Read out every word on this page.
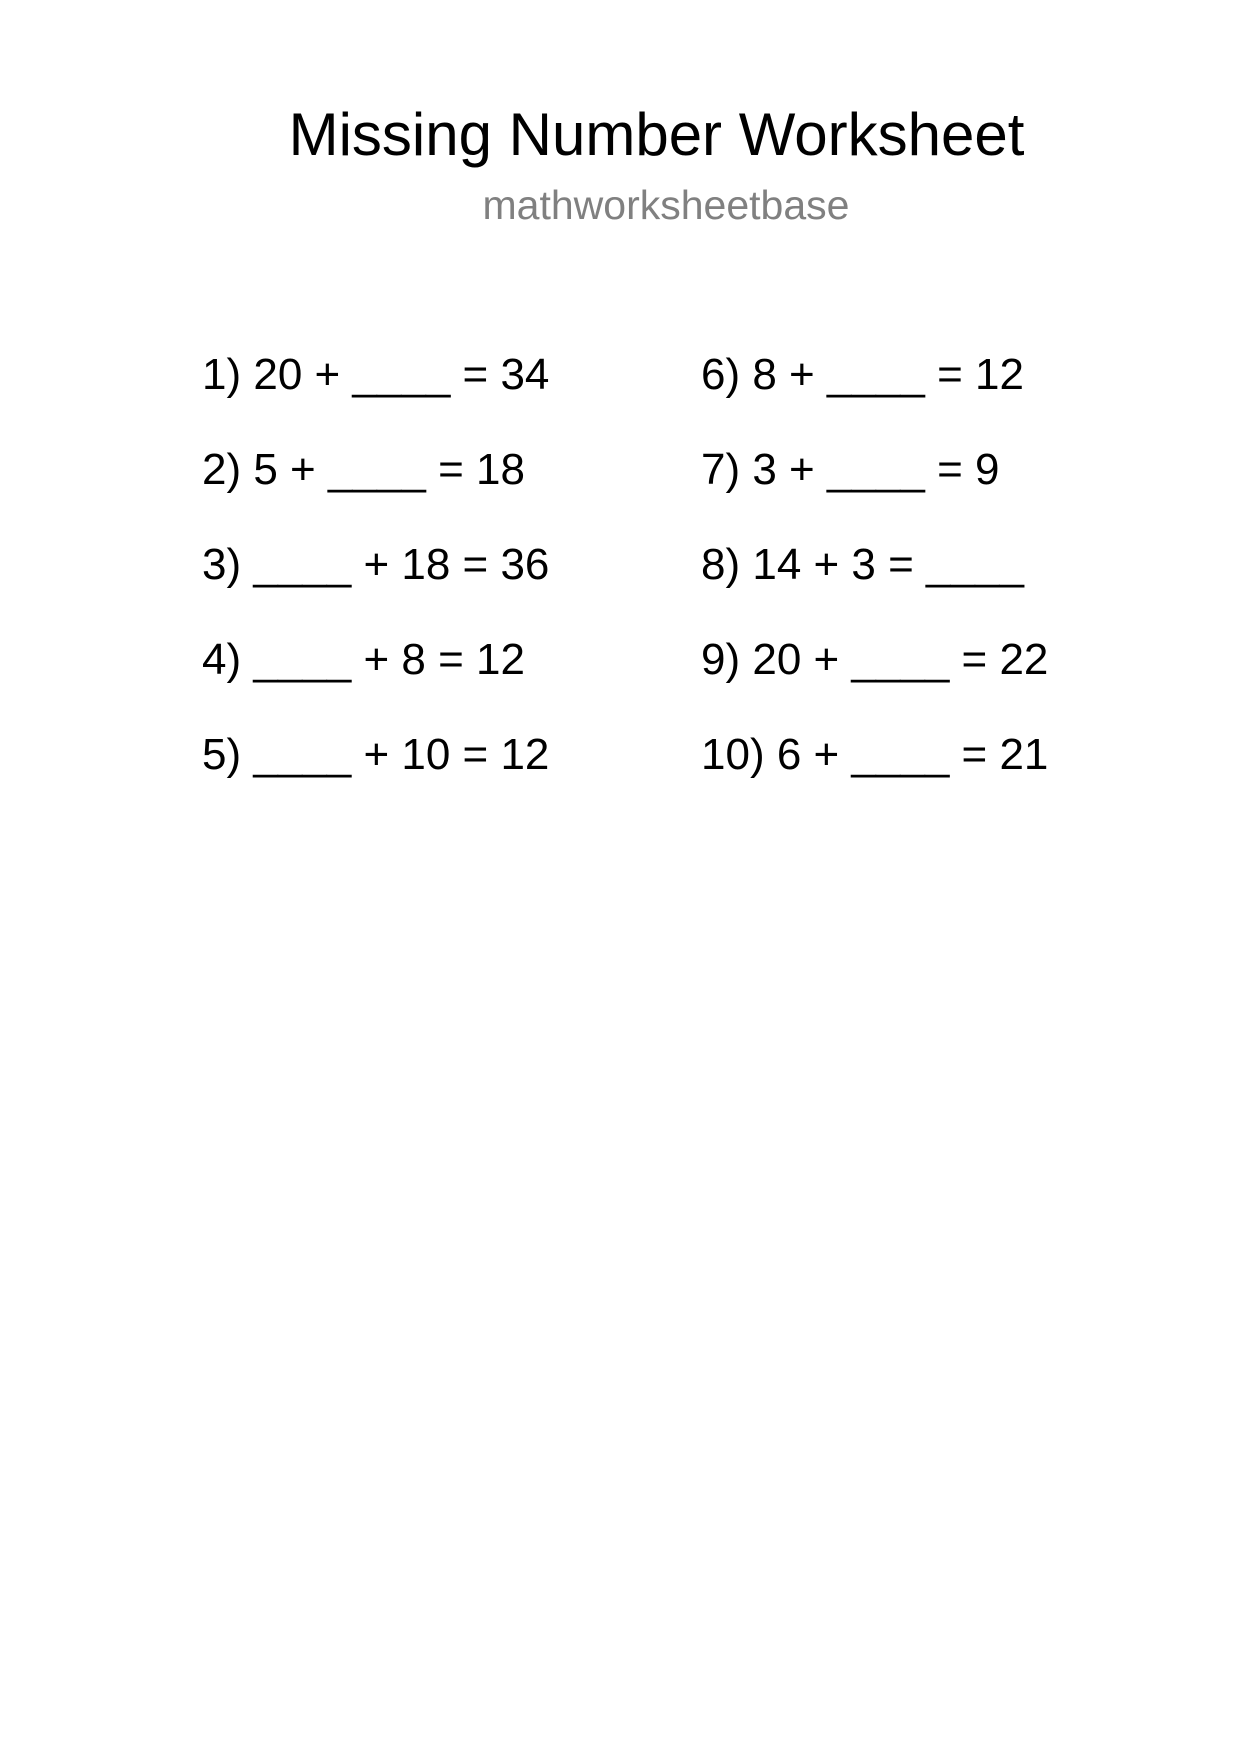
Missing Number Worksheet
mathworksheetbase
1) 20 + ____ = 34
2) 5 + ____ = 18
3) ____ + 18 = 36
4) ____ + 8 = 12
5) ____ + 10 = 12
6) 8 + ____ = 12
7) 3 + ____ = 9
8) 14 + 3 = ____
9) 20 + ____ = 22
10) 6 + ____ = 21
